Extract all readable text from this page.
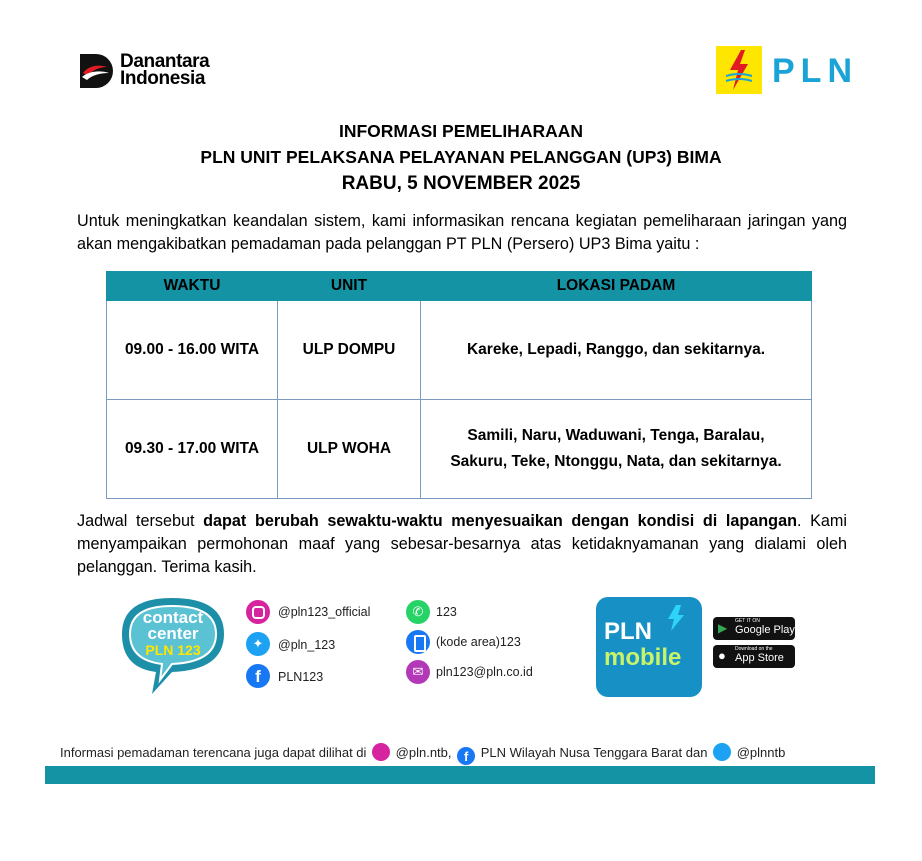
Danantara
Indonesia	PLN
INFORMASI PEMELIHARAAN
PLN UNIT PELAKSANA PELAYANAN PELANGGAN (UP3) BIMA
RABU, 5 NOVEMBER 2025
Untuk meningkatkan keandalan sistem, kami informasikan rencana kegiatan pemeliharaan jaringan yang akan mengakibatkan pemadaman pada pelanggan PT PLN (Persero) UP3 Bima yaitu :
WAKTU	UNIT	LOKASI PADAM
09.00 - 16.00 WITA	ULP DOMPU	Kareke, Lepadi, Ranggo, dan sekitarnya.
09.30 - 17.00 WITA	ULP WOHA	Samili, Naru, Waduwani, Tenga, Baralau,
Sakuru, Teke, Ntonggu, Nata, dan sekitarnya.
Jadwal tersebut dapat berubah sewaktu-waktu menyesuaikan dengan kondisi di lapangan. Kami menyampaikan permohonan maaf yang sebesar-besarnya atas ketidaknyamanan yang dialami oleh pelanggan. Terima kasih.
contact
center
PLN 123
@pln123_official
✦	@pln_123
f	PLN123
✆	123
(kode area)123
✉	pln123@pln.co.id
PLN
mobile
▶ GET IT ON
Google Play
● Download on the
App Store
Informasi pemadaman terencana juga dapat dilihat di @pln.ntb, f PLN Wilayah Nusa Tenggara Barat dan @plnntb
